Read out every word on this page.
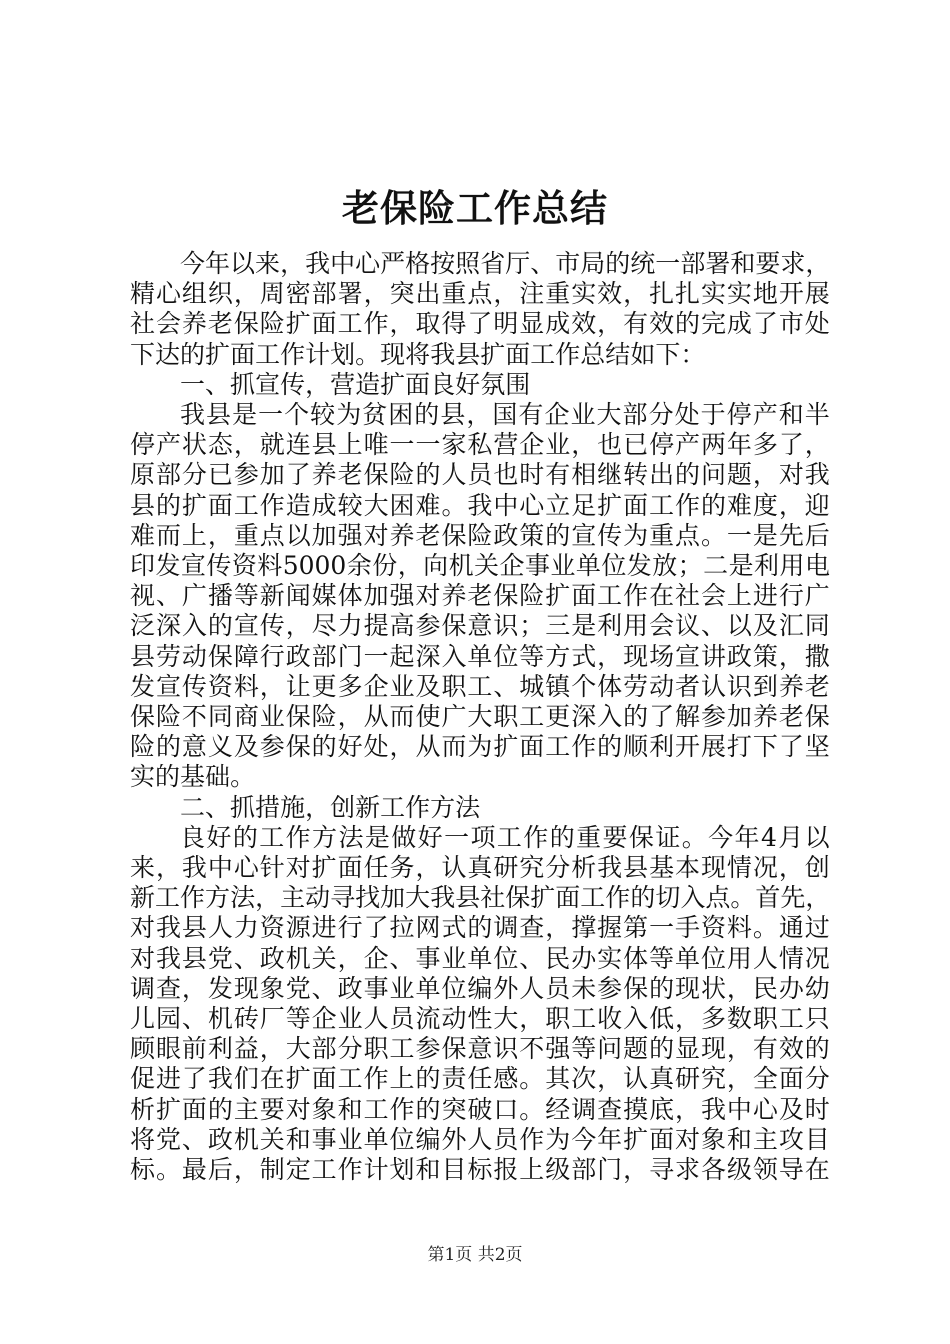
老保险工作总结
今 年 以 来 ， 我 中 心 严 格 按 照 省 厅 、 市 局 的 统 一 部 署 和 要 求 ，
精 心 组 织 ， 周 密 部 署 ， 突 出 重 点 ， 注 重 实 效 ， 扎 扎 实 实 地 开 展
社 会 养 老 保 险 扩 面 工 作 ， 取 得 了 明 显 成 效 ， 有 效 的 完 成 了 市 处
下 达 的 扩 面 工 作 计 划 。 现 将 我 县 扩 面 工 作 总 结 如 下 ：
一 、 抓 宣 传 ， 营 造 扩 面 良 好 氛 围
我 县 是 一 个 较 为 贫 困 的 县 ， 国 有 企 业 大 部 分 处 于 停 产 和 半
停 产 状 态 ， 就 连 县 上 唯 一 一 家 私 营 企 业 ， 也 已 停 产 两 年 多 了 ，
原 部 分 已 参 加 了 养 老 保 险 的 人 员 也 时 有 相 继 转 出 的 问 题 ， 对 我
县 的 扩 面 工 作 造 成 较 大 困 难 。 我 中 心 立 足 扩 面 工 作 的 难 度 ， 迎
难 而 上 ， 重 点 以 加 强 对 养 老 保 险 政 策 的 宣 传 为 重 点 。 一 是 先 后
印 发 宣 传 资 料 5000 余 份 ， 向 机 关 企 事 业 单 位 发 放 ； 二 是 利 用 电
视 、 广 播 等 新 闻 媒 体 加 强 对 养 老 保 险 扩 面 工 作 在 社 会 上 进 行 广
泛 深 入 的 宣 传 ， 尽 力 提 高 参 保 意 识 ； 三 是 利 用 会 议 、 以 及 汇 同
县 劳 动 保 障 行 政 部 门 一 起 深 入 单 位 等 方 式 ， 现 场 宣 讲 政 策 ， 撒
发 宣 传 资 料 ， 让 更 多 企 业 及 职 工 、 城 镇 个 体 劳 动 者 认 识 到 养 老
保 险 不 同 商 业 保 险 ， 从 而 使 广 大 职 工 更 深 入 的 了 解 参 加 养 老 保
险 的 意 义 及 参 保 的 好 处 ， 从 而 为 扩 面 工 作 的 顺 利 开 展 打 下 了 坚
实 的 基 础 。
二 、 抓 措 施 ， 创 新 工 作 方 法
良 好 的 工 作 方 法 是 做 好 一 项 工 作 的 重 要 保 证 。 今 年 4 月 以
来 ， 我 中 心 针 对 扩 面 任 务 ， 认 真 研 究 分 析 我 县 基 本 现 情 况 ， 创
新 工 作 方 法 ， 主 动 寻 找 加 大 我 县 社 保 扩 面 工 作 的 切 入 点 。 首 先 ，
对 我 县 人 力 资 源 进 行 了 拉 网 式 的 调 查 ， 撑 握 第 一 手 资 料 。 通 过
对 我 县 党 、 政 机 关 ， 企 、 事 业 单 位 、 民 办 实 体 等 单 位 用 人 情 况
调 查 ， 发 现 象 党 、 政 事 业 单 位 编 外 人 员 未 参 保 的 现 状 ， 民 办 幼
儿 园 、 机 砖 厂 等 企 业 人 员 流 动 性 大 ， 职 工 收 入 低 ， 多 数 职 工 只
顾 眼 前 利 益 ， 大 部 分 职 工 参 保 意 识 不 强 等 问 题 的 显 现 ， 有 效 的
促 进 了 我 们 在 扩 面 工 作 上 的 责 任 感 。 其 次 ， 认 真 研 究 ， 全 面 分
析 扩 面 的 主 要 对 象 和 工 作 的 突 破 口 。 经 调 查 摸 底 ， 我 中 心 及 时
将 党 、 政 机 关 和 事 业 单 位 编 外 人 员 作 为 今 年 扩 面 对 象 和 主 攻 目
标 。 最 后 ， 制 定 工 作 计 划 和 目 标 报 上 级 部 门 ， 寻 求 各 级 领 导 在
第1页 共2页
